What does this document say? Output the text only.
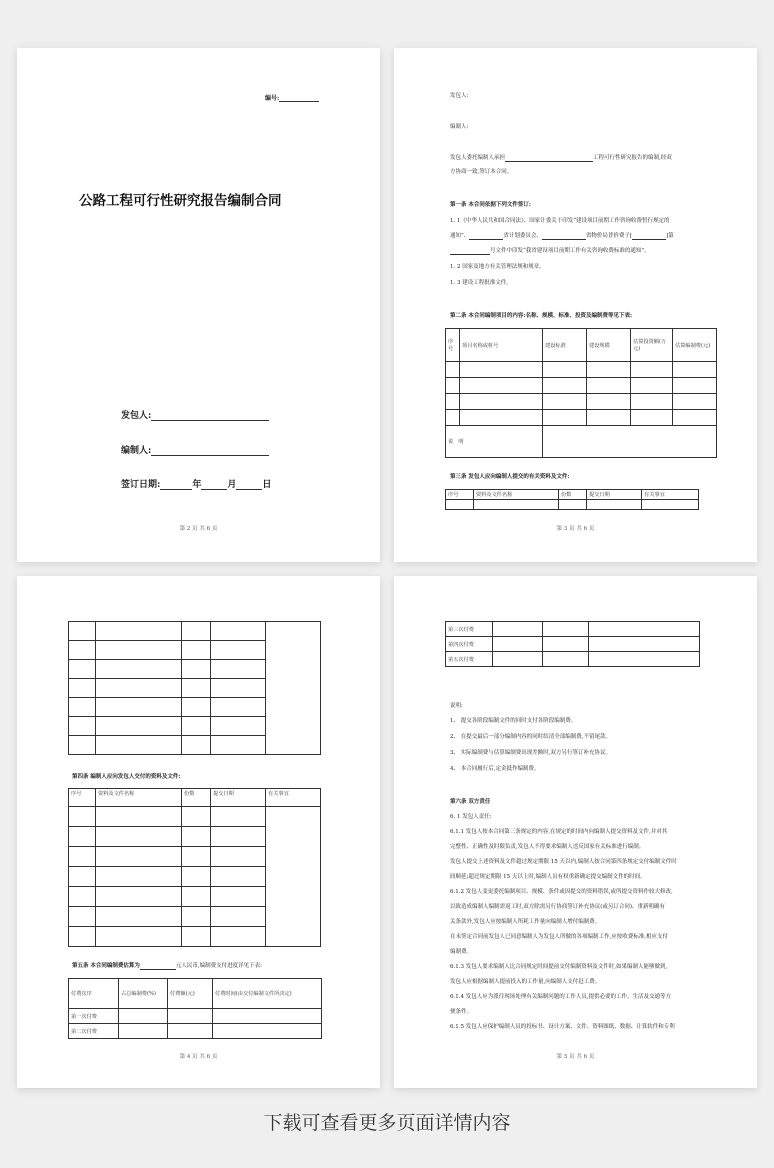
编号:
公路工程可行性研究报告编制合同
发包人:
编制人:
签订日期:	年	月	日
第 2 页 共 6 页
发包人:
编制人:
发包人委托编制人承担	工程可行性研究报告的编制,经双
方协商一致,签订本合同。
第一条 本合同依据下列文件签订:
1. 1《中华人民共和国合同法》、国家计委关于印发“建设项目前期工作咨询收费暂行规定的
通知”、	省计划委员会、	省物价局普价费子[	]第
号文件中印发“我省建设项目前期工作有关咨询收费标准的通知”。
1. 2 国家及地方有关管理法规和规章。
1. 3 建设工程批准文件。
第二条 本合同编制项目的内容:名称、规模、标准、投资及编制费等见下表:
序号	项目名称或桩号	建设标准	建设规模	估算投资额(万元)	估算编制费(元)

说　明					
第三条 发包人应向编制人提交的有关资料及文件:
序号	资料及文件名称	份数	提交日期	有关事宜

第 3 页 共 6 页

第四条 编制人应向发包人交付的资料及文件:
序号	资料及文件名称	份数	提交日期	有关事宜

第五条 本合同编制费估算为	元人民币,编制费支付进度详见下表:
付费次序	占总编制费(%)	付费额(元)	付费时间(由交付编制文件所决定)
第一次付费			
第二次付费			
第 4 页 共 6 页
第三次付费			
第四次付费			
第五次付费			
说明:
1、 提交各阶段编制文件的同时支付各阶段编制费。
2、 在提交最后一部分编制内容的同时结清全部编制费,不留尾款。
3、 实际编制费与估算编制费出现差额时,双方另行签订补充协议。
4、 本合同履行后,定金抵作编制费。
第六条 双方责任
6. 1 发包人责任:
6.1.1 发包人按本合同第三条规定的内容,在规定的时间内向编制人提交资料及文件,并对其
完整性、正确性及时限负责,发包人不得要求编制人违反国家有关标准进行编制。
发包人提交上述资料及文件超过规定期限 15 天以内,编制人按合同第四条规定交付编制文件时
间顺延;超过规定期限 15 天以上时,编制人员有权重新确定提交编制文件的时间。
6.1.2 发包人变更委托编制项目、规模、条件或因提交的资料错误,或所提交资料作较大修改,
以致造成编制人编制需返工时,双方除需另行协商签订补充协议(或另订合同)、重新明确有
关条款外,发包人应按编制人所耗工作量向编制人增付编制费。
在未签定合同前发包人已同意编制人为发包人所做的各项编制工作,应按收费标准,相应支付
编制费。
6.1.3 发包人要求编制人比合同规定时间提前交付编制资料及文件时,如果编制人能够做到,
发包人应根据编制人提前投入的工作量,向编制人支付赶工费。
6.1.4 发包人应为派往现场处理有关编制问题的工作人员,提供必要的工作、生活及交通等方
便条件。
6.1.5 发包人应保护编制人员的投标书、设计方案、文件、资料图纸、数据、计算软件和专利
第 5 页 共 6 页
下载可查看更多页面详情内容
